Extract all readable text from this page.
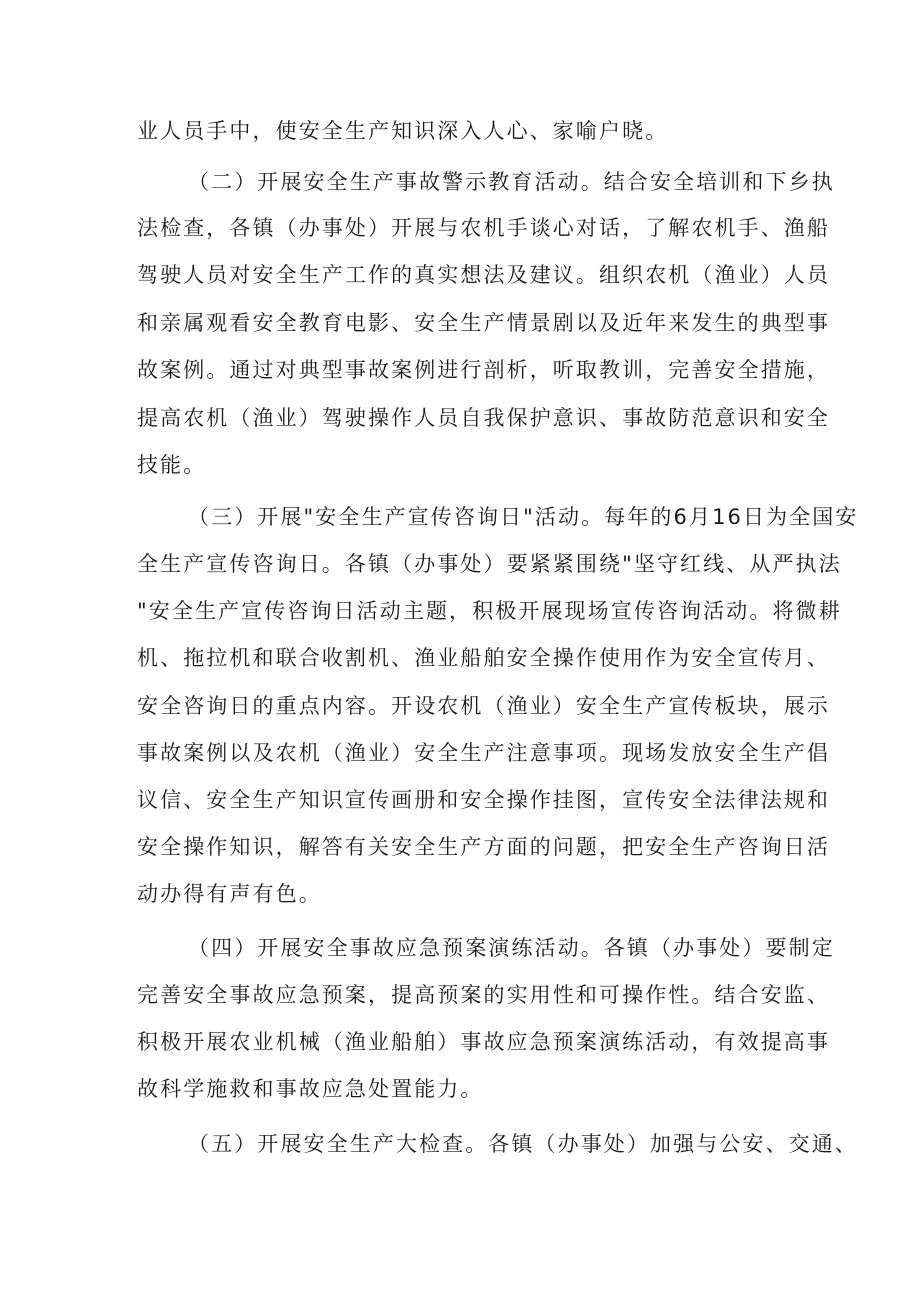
业人员手中，使安全生产知识深入人心、家喻户晓。
（二）开展安全生产事故警示教育活动。结合安全培训和下乡执
法检查，各镇（办事处）开展与农机手谈心对话，了解农机手、渔船
驾驶人员对安全生产工作的真实想法及建议。组织农机（渔业）人员
和亲属观看安全教育电影、安全生产情景剧以及近年来发生的典型事
故案例。通过对典型事故案例进行剖析，听取教训，完善安全措施，
提高农机（渔业）驾驶操作人员自我保护意识、事故防范意识和安全
技能。
（三）开展"安全生产宣传咨询日"活动。每年的6月16日为全国安
全生产宣传咨询日。各镇（办事处）要紧紧围绕"坚守红线、从严执法
"安全生产宣传咨询日活动主题，积极开展现场宣传咨询活动。将微耕
机、拖拉机和联合收割机、渔业船舶安全操作使用作为安全宣传月、
安全咨询日的重点内容。开设农机（渔业）安全生产宣传板块，展示
事故案例以及农机（渔业）安全生产注意事项。现场发放安全生产倡
议信、安全生产知识宣传画册和安全操作挂图，宣传安全法律法规和
安全操作知识，解答有关安全生产方面的问题，把安全生产咨询日活
动办得有声有色。
（四）开展安全事故应急预案演练活动。各镇（办事处）要制定
完善安全事故应急预案，提高预案的实用性和可操作性。结合安监、
积极开展农业机械（渔业船舶）事故应急预案演练活动，有效提高事
故科学施救和事故应急处置能力。
（五）开展安全生产大检查。各镇（办事处）加强与公安、交通、
